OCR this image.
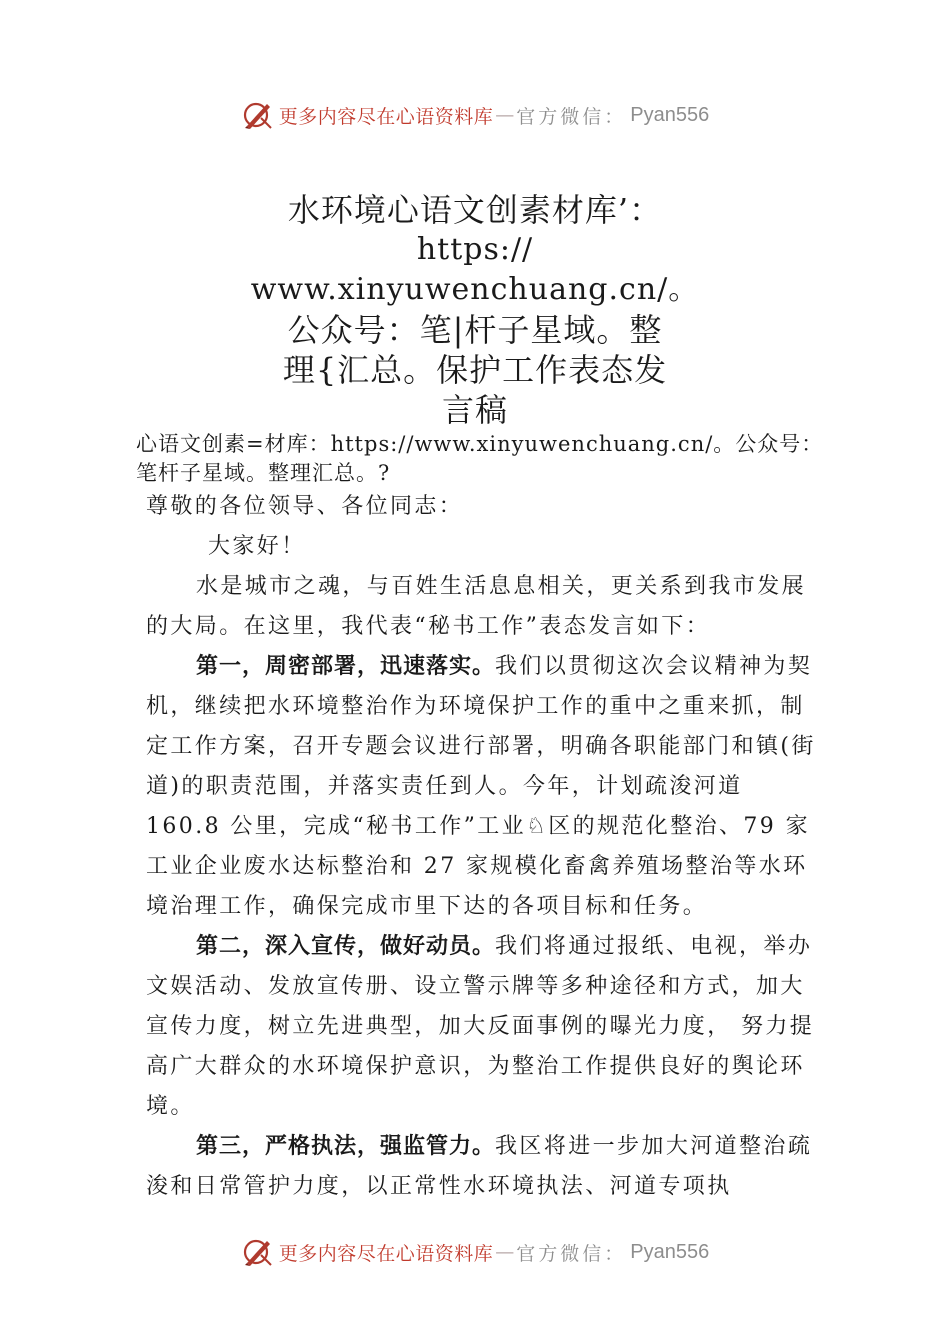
更多内容尽在心语资料库 — 官方微信： Pyan556
水环境心语文创素材库’：
https://
www.xinyuwenchuang.cn/。
公众号：笔|杆子星域。整
理{汇总。保护工作表态发
言稿
心语文创素=材库：https://www.xinyuwenchuang.cn/。公众号：笔杆子星域。整理汇总。?

尊敬的各位领导、各位同志：

大家好！

水是城市之魂，与百姓生活息息相关，更关系到我市发展的大局。在这里，我代表“秘书工作”表态发言如下：

第一，周密部署，迅速落实。我们以贯彻这次会议精神为契机，继续把水环境整治作为环境保护工作的重中之重来抓，制定工作方案，召开专题会议进行部署，明确各职能部门和镇(街道)的职责范围，并落实责任到人。今年，计划疏浚河道 160.8 公里，完成“秘书工作”工业♘区的规范化整治、79 家工业企业废水达标整治和 27 家规模化畜禽养殖场整治等水环境治理工作，确保完成市里下达的各项目标和任务。

第二，深入宣传，做好动员。我们将通过报纸、电视，举办文娱活动、发放宣传册、设立警示牌等多种途径和方式，加大宣传力度，树立先进典型，加大反面事例的曝光力度， 努力提高广大群众的水环境保护意识，为整治工作提供良好的舆论环境。

第三，严格执法，强监管力。我区将进一步加大河道整治疏浚和日常管护力度，以正常性水环境执法、河道专项执

更多内容尽在心语资料库 — 官方微信： Pyan556
